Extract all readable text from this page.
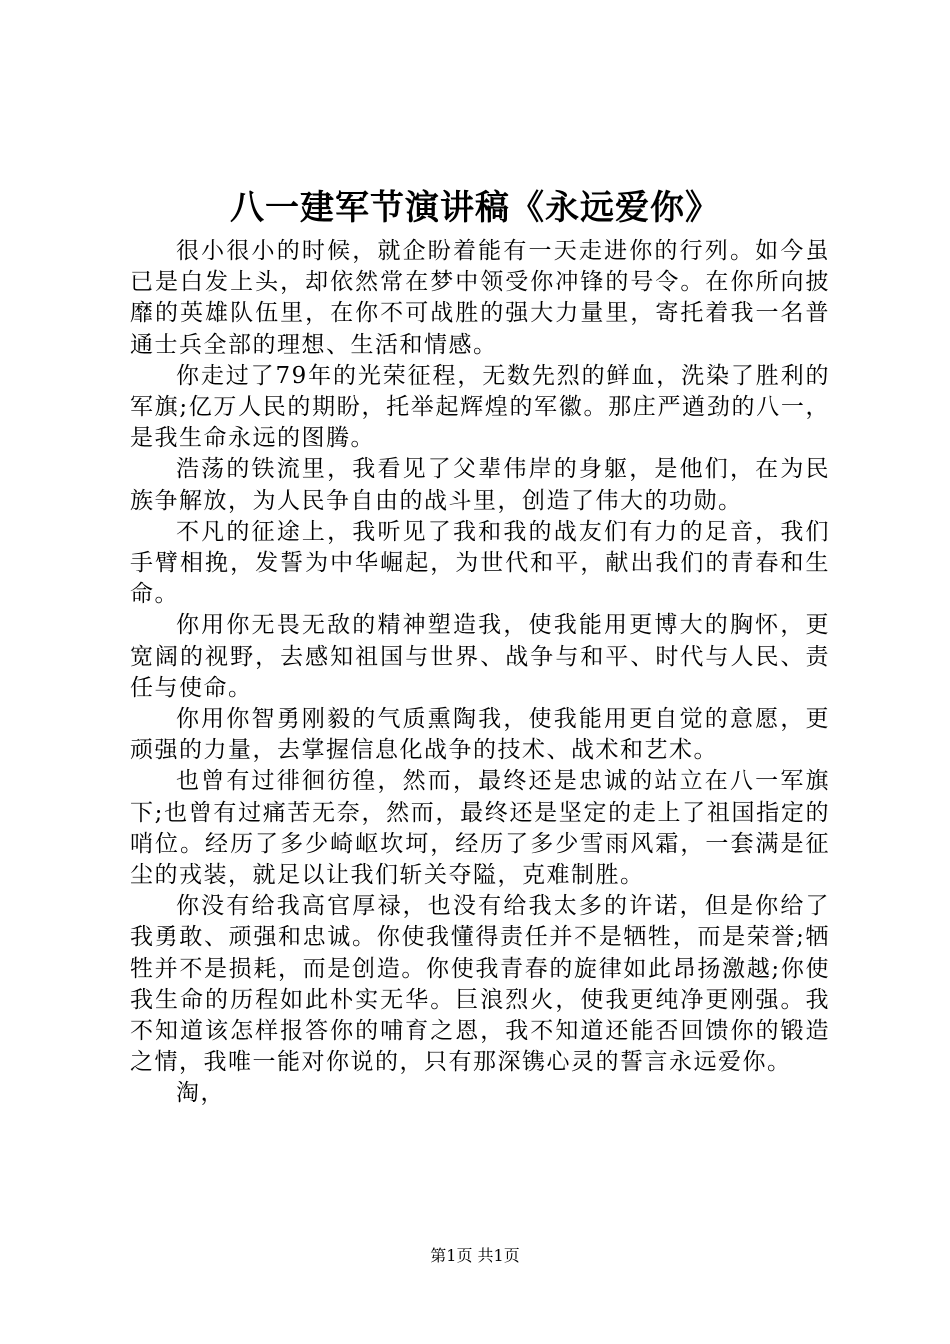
八一建军节演讲稿《永远爱你》

很小很小的时候，就企盼着能有一天走进你的行列。如今虽已是白发上头，却依然常在梦中领受你冲锋的号令。在你所向披靡的英雄队伍里，在你不可战胜的强大力量里，寄托着我一名普通士兵全部的理想、生活和情感。

你走过了79年的光荣征程，无数先烈的鲜血，洗染了胜利的军旗;亿万人民的期盼，托举起辉煌的军徽。那庄严遒劲的八一，是我生命永远的图腾。

浩荡的铁流里，我看见了父辈伟岸的身躯，是他们，在为民族争解放，为人民争自由的战斗里，创造了伟大的功勋。

不凡的征途上，我听见了我和我的战友们有力的足音，我们手臂相挽，发誓为中华崛起，为世代和平，献出我们的青春和生命。

你用你无畏无敌的精神塑造我，使我能用更博大的胸怀，更宽阔的视野，去感知祖国与世界、战争与和平、时代与人民、责任与使命。

你用你智勇刚毅的气质熏陶我，使我能用更自觉的意愿，更顽强的力量，去掌握信息化战争的技术、战术和艺术。

也曾有过徘徊彷徨，然而，最终还是忠诚的站立在八一军旗下;也曾有过痛苦无奈，然而，最终还是坚定的走上了祖国指定的哨位。经历了多少崎岖坎坷，经历了多少雪雨风霜，一套满是征尘的戎装，就足以让我们斩关夺隘，克难制胜。

你没有给我高官厚禄，也没有给我太多的许诺，但是你给了我勇敢、顽强和忠诚。你使我懂得责任并不是牺牲，而是荣誉;牺牲并不是损耗，而是创造。你使我青春的旋律如此昂扬激越;你使我生命的历程如此朴实无华。巨浪烈火，使我更纯净更刚强。我不知道该怎样报答你的哺育之恩，我不知道还能否回馈你的锻造之情，我唯一能对你说的，只有那深镌心灵的誓言永远爱你。

淘，

第1页 共1页
